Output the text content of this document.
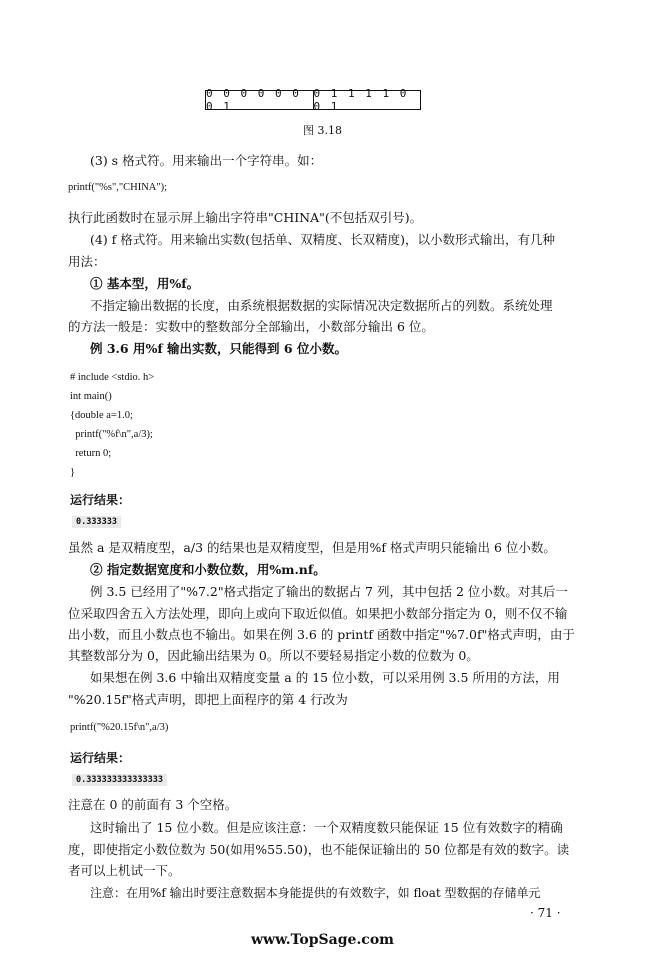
0 0 0 0 0 0 0 1
0 1 1 1 1 0 0 1
图 3.18
(3) s 格式符。用来输出一个字符串。如：
printf("%s","CHINA");
执行此函数时在显示屏上输出字符串"CHINA"(不包括双引号)。
(4) f 格式符。用来输出实数(包括单、双精度、长双精度)，以小数形式输出，有几种
用法：
① 基本型，用%f。
不指定输出数据的长度，由系统根据数据的实际情况决定数据所占的列数。系统处理
的方法一般是：实数中的整数部分全部输出，小数部分输出 6 位。
例 3.6 用%f 输出实数，只能得到 6 位小数。
# include <stdio. h>
int main()
{double a=1.0;
printf("%f\n",a/3);
return 0;
}
运行结果：
0.333333
虽然 a 是双精度型，a/3 的结果也是双精度型，但是用%f 格式声明只能输出 6 位小数。
② 指定数据宽度和小数位数，用%m.nf。
例 3.5 已经用了"%7.2"格式指定了输出的数据占 7 列，其中包括 2 位小数。对其后一
位采取四舍五入方法处理，即向上或向下取近似值。如果把小数部分指定为 0，则不仅不输
出小数，而且小数点也不输出。如果在例 3.6 的 printf 函数中指定"%7.0f"格式声明，由于
其整数部分为 0，因此输出结果为 0。所以不要轻易指定小数的位数为 0。
如果想在例 3.6 中输出双精度变量 a 的 15 位小数，可以采用例 3.5 所用的方法，用
"%20.15f"格式声明，即把上面程序的第 4 行改为
printf("%20.15f\n",a/3)
运行结果：
0.333333333333333
注意在 0 的前面有 3 个空格。
这时输出了 15 位小数。但是应该注意：一个双精度数只能保证 15 位有效数字的精确
度，即使指定小数位数为 50(如用%55.50)，也不能保证输出的 50 位都是有效的数字。读
者可以上机试一下。
注意：在用%f 输出时要注意数据本身能提供的有效数字，如 float 型数据的存储单元
· 71 ·
www.TopSage.com
